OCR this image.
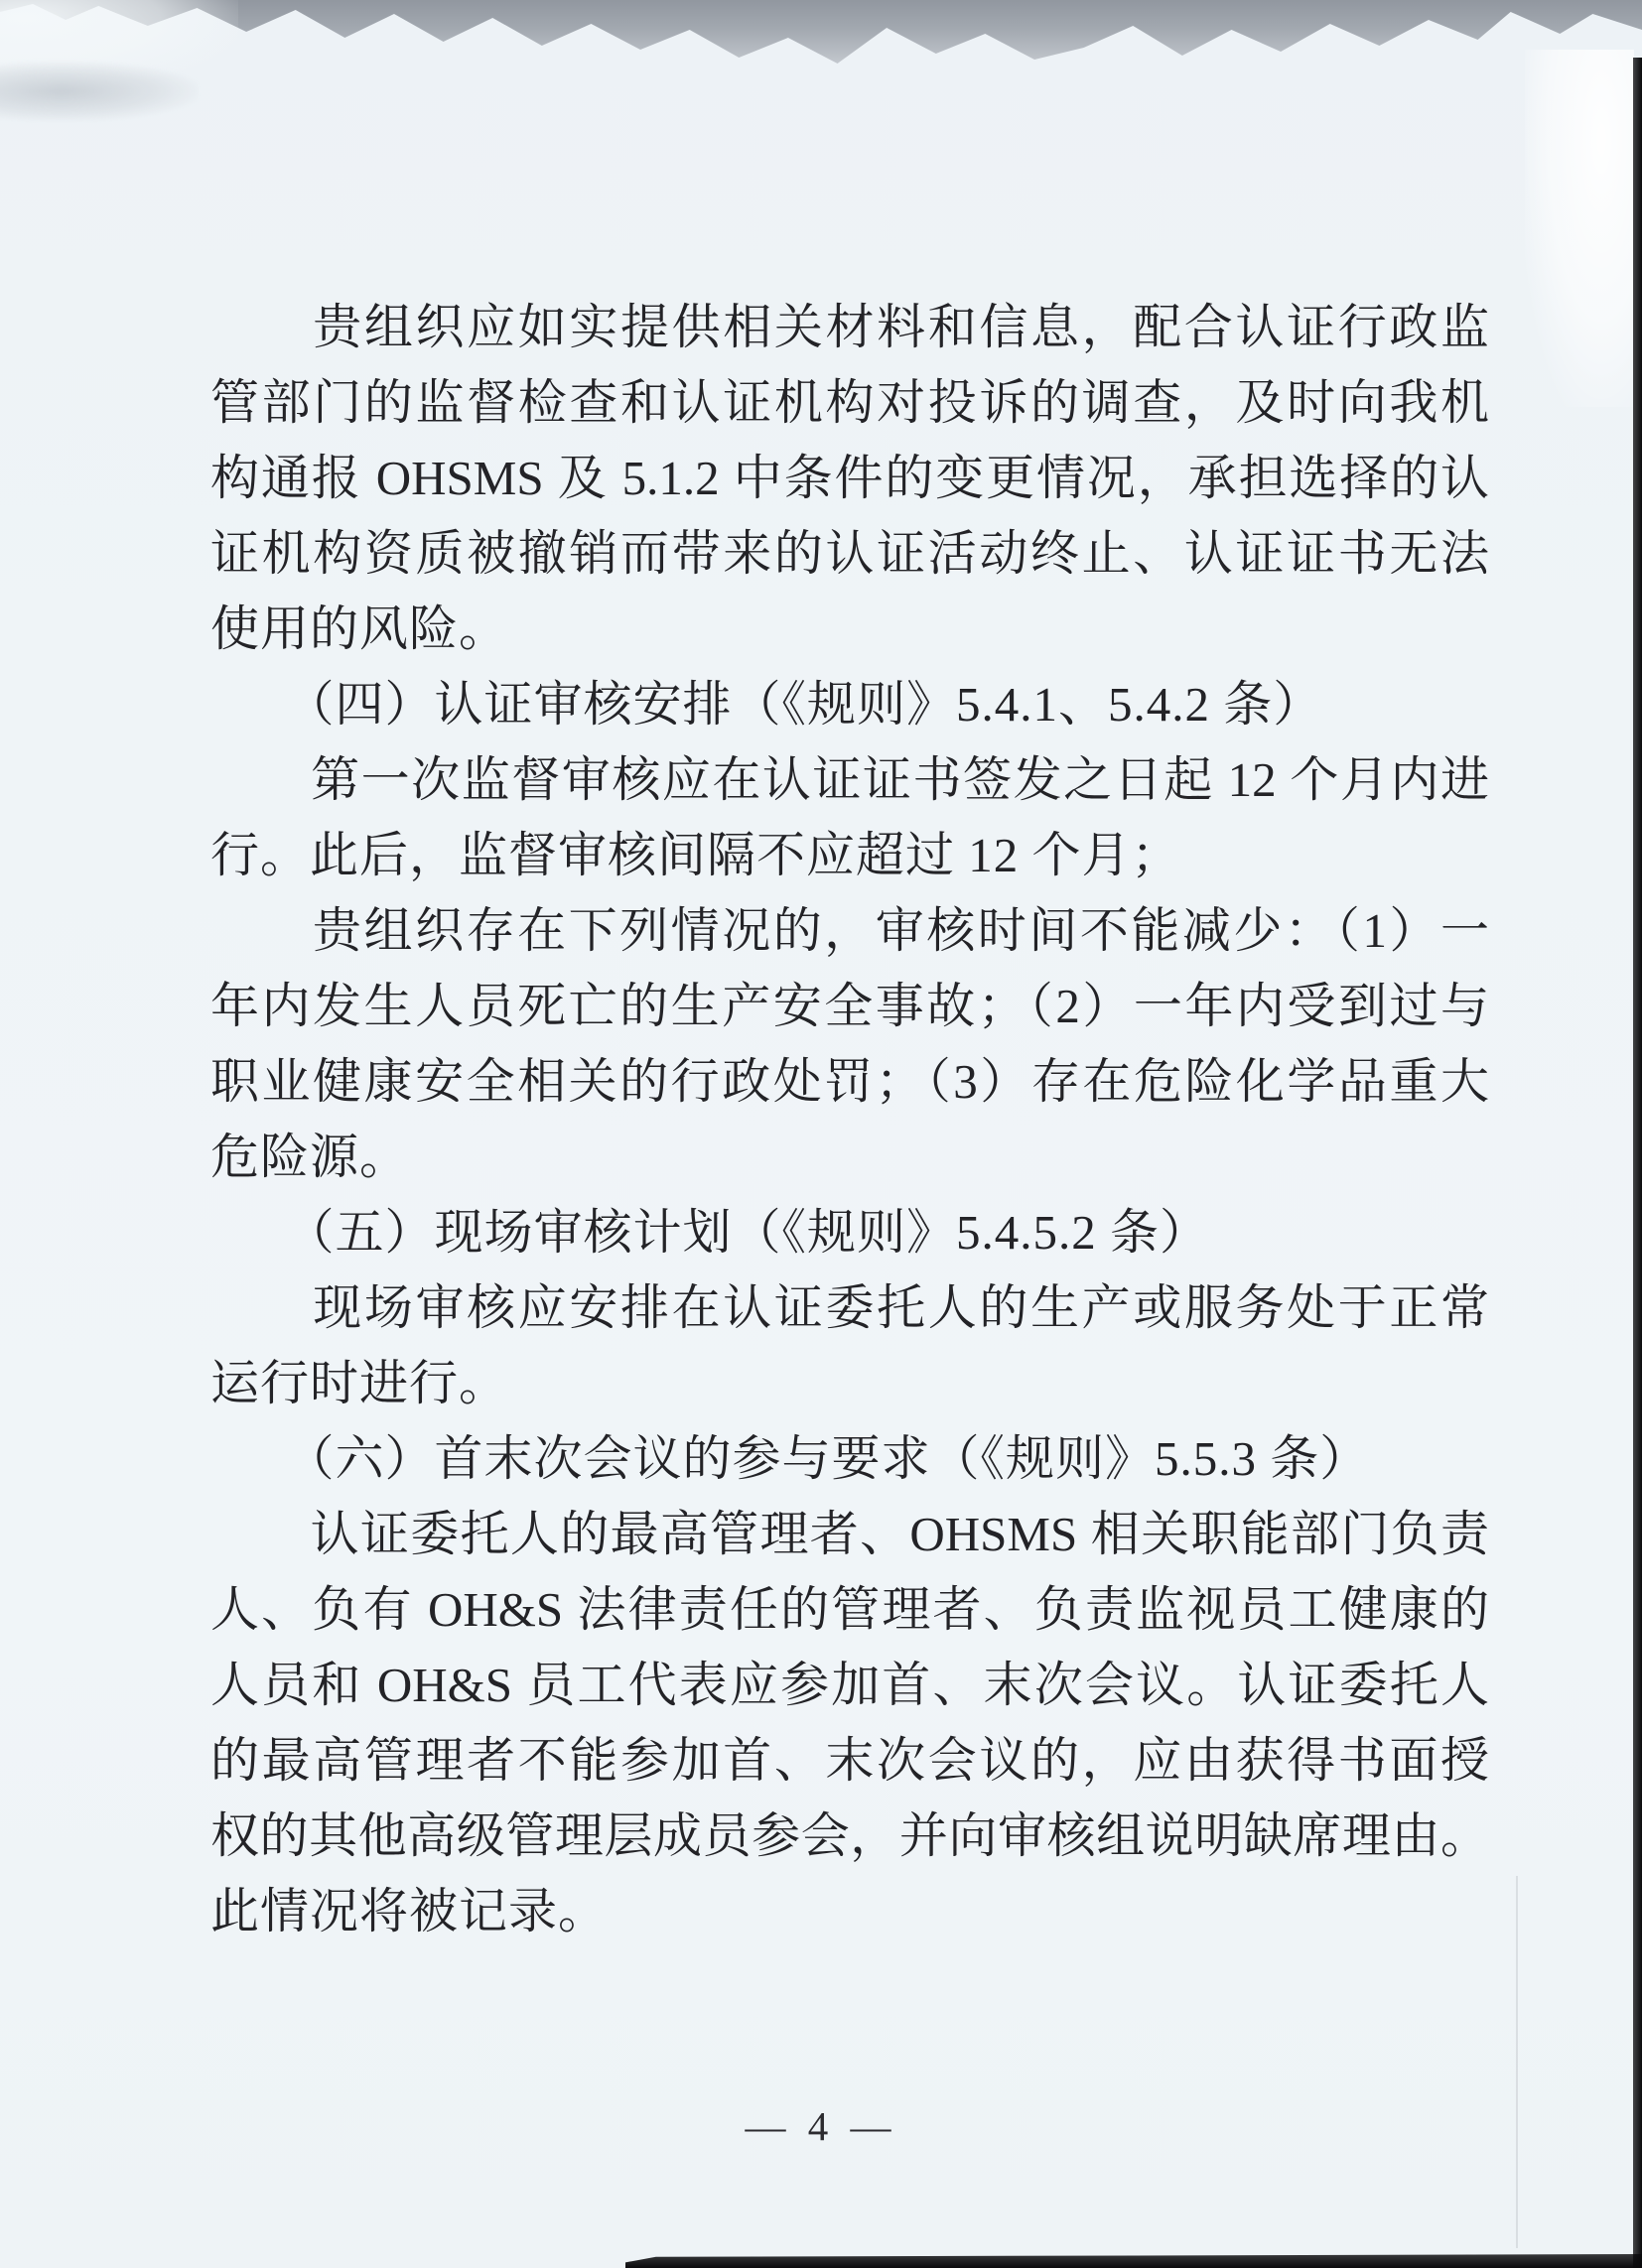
　　贵组织应如实提供相关材料和信息，配合认证行政监
管部门的监督检查和认证机构对投诉的调查，及时向我机
构通报 OHSMS 及 5.1.2 中条件的变更情况，承担选择的认
证机构资质被撤销而带来的认证活动终止、认证证书无法
使用的风险。
　　（四）认证审核安排（《规则》5.4.1、5.4.2 条）
　　第一次监督审核应在认证证书签发之日起 12 个月内进
行。此后，监督审核间隔不应超过 12 个月；
　　贵组织存在下列情况的，审核时间不能减少：（1）一
年内发生人员死亡的生产安全事故；（2）一年内受到过与
职业健康安全相关的行政处罚；（3）存在危险化学品重大
危险源。
　　（五）现场审核计划（《规则》5.4.5.2 条）
　　现场审核应安排在认证委托人的生产或服务处于正常
运行时进行。
　　（六）首末次会议的参与要求（《规则》5.5.3 条）
　　认证委托人的最高管理者、OHSMS 相关职能部门负责
人、负有 OH&S 法律责任的管理者、负责监视员工健康的
人员和 OH&S 员工代表应参加首、末次会议。认证委托人
的最高管理者不能参加首、末次会议的，应由获得书面授
权的其他高级管理层成员参会，并向审核组说明缺席理由。
此情况将被记录。
— 4 —
